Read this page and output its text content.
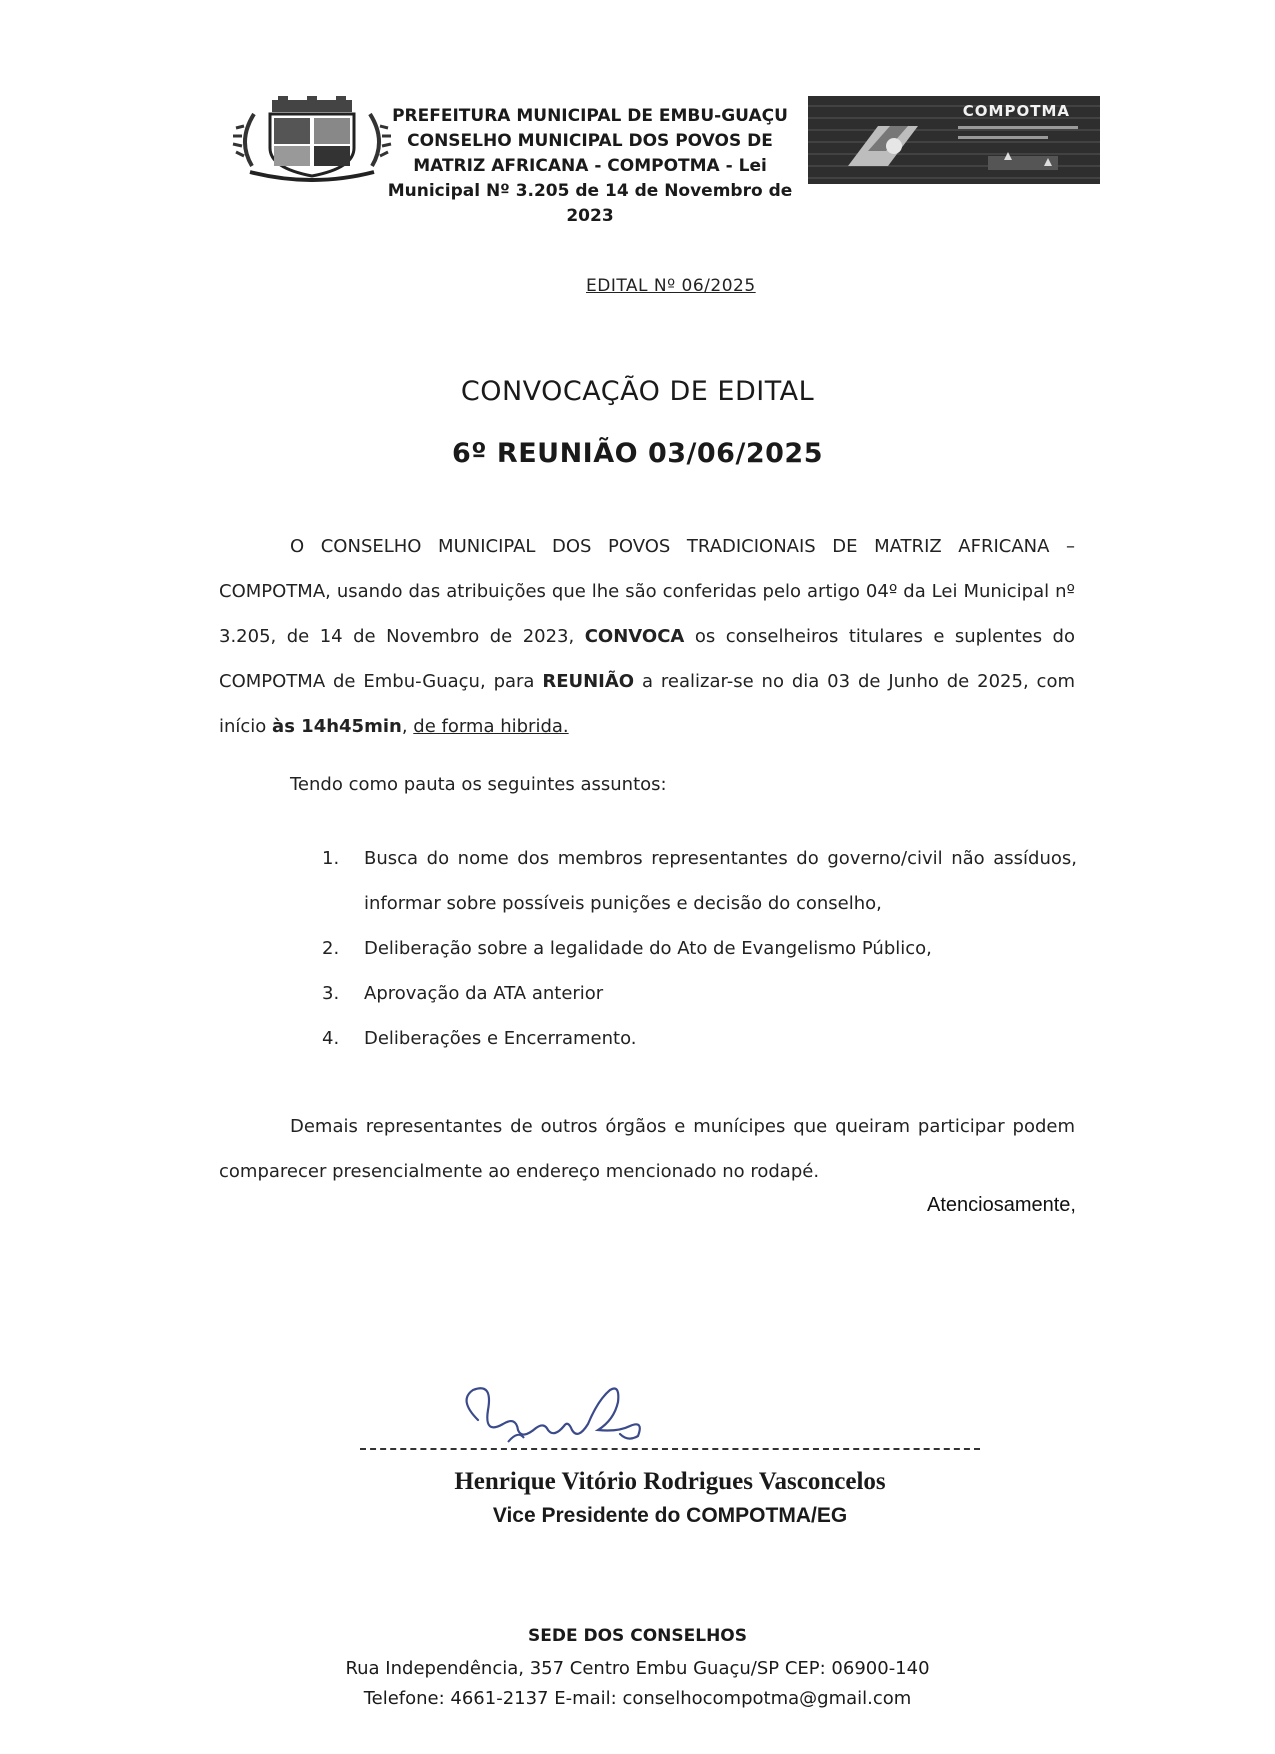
PREFEITURA MUNICIPAL DE EMBU-GUAÇU
CONSELHO MUNICIPAL DOS POVOS DE
MATRIZ AFRICANA - COMPOTMA - Lei
Municipal Nº 3.205 de 14 de Novembro de
2023
COMPOTMA
EDITAL Nº 06/2025
CONVOCAÇÃO DE EDITAL
6º REUNIÃO 03/06/2025
O CONSELHO MUNICIPAL DOS POVOS TRADICIONAIS DE MATRIZ AFRICANA – COMPOTMA, usando das atribuições que lhe são conferidas pelo artigo 04º da Lei Municipal nº 3.205, de 14 de Novembro de 2023, CONVOCA os conselheiros titulares e suplentes do COMPOTMA de Embu-Guaçu, para REUNIÃO a realizar-se no dia 03 de Junho de 2025, com início às 14h45min, de forma hibrida.
Tendo como pauta os seguintes assuntos:
1. Busca do nome dos membros representantes do governo/civil não assíduos, informar sobre possíveis punições e decisão do conselho,
2. Deliberação sobre a legalidade do Ato de Evangelismo Público,
3. Aprovação da ATA anterior
4. Deliberações e Encerramento.
Demais representantes de outros órgãos e munícipes que queiram participar podem comparecer presencialmente ao endereço mencionado no rodapé.
Atenciosamente,
Henrique Vitório Rodrigues Vasconcelos
Vice Presidente do COMPOTMA/EG
SEDE DOS CONSELHOS
Rua Independência, 357 Centro Embu Guaçu/SP CEP: 06900-140
Telefone: 4661-2137 E-mail: conselhocompotma@gmail.com
